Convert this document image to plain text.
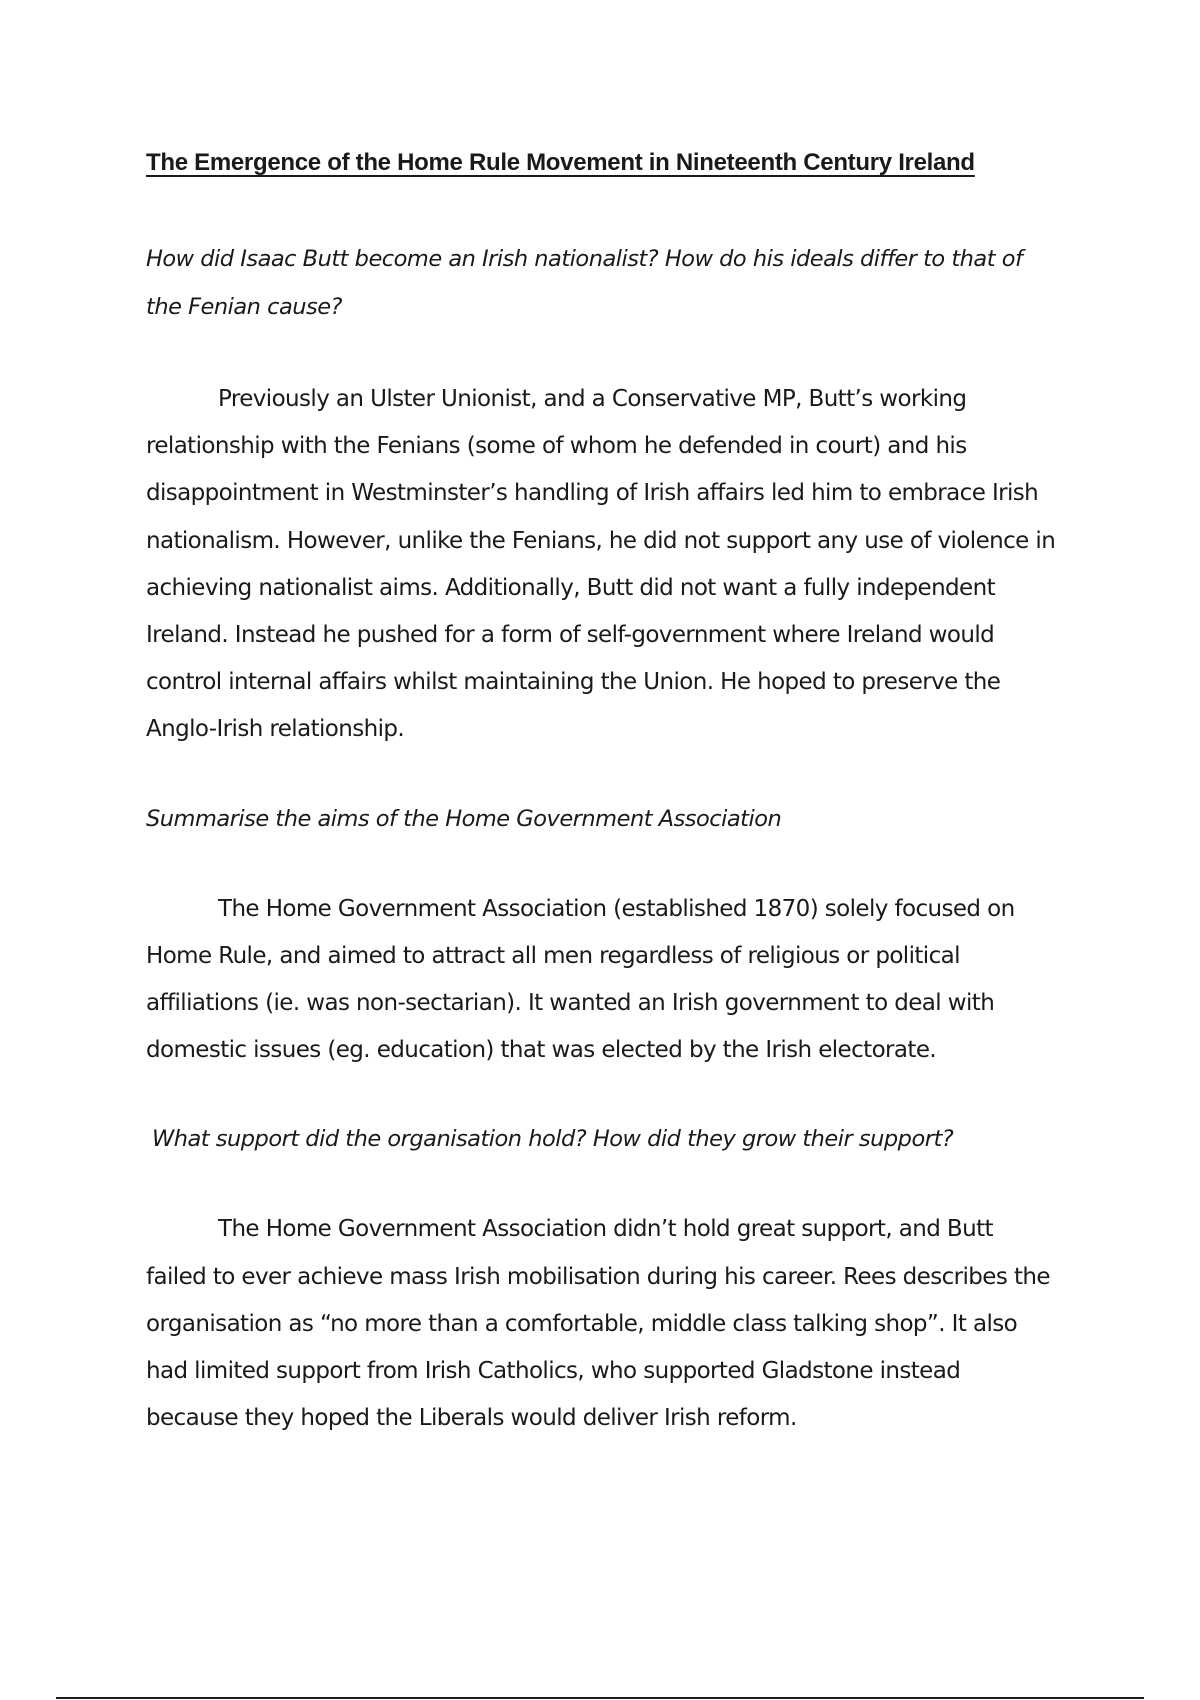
The Emergence of the Home Rule Movement in Nineteenth Century Ireland

How did Isaac Butt become an Irish nationalist? How do his ideals differ to that of the Fenian cause?

Previously an Ulster Unionist, and a Conservative MP, Butt’s working relationship with the Fenians (some of whom he defended in court) and his disappointment in Westminster’s handling of Irish affairs led him to embrace Irish nationalism. However, unlike the Fenians, he did not support any use of violence in achieving nationalist aims. Additionally, Butt did not want a fully independent Ireland. Instead he pushed for a form of self-government where Ireland would control internal affairs whilst maintaining the Union. He hoped to preserve the Anglo-Irish relationship.

Summarise the aims of the Home Government Association

The Home Government Association (established 1870) solely focused on Home Rule, and aimed to attract all men regardless of religious or political affiliations (ie. was non-sectarian). It wanted an Irish government to deal with domestic issues (eg. education) that was elected by the Irish electorate.

What support did the organisation hold? How did they grow their support?

The Home Government Association didn’t hold great support, and Butt failed to ever achieve mass Irish mobilisation during his career. Rees describes the organisation as “no more than a comfortable, middle class talking shop”. It also had limited support from Irish Catholics, who supported Gladstone instead because they hoped the Liberals would deliver Irish reform.
